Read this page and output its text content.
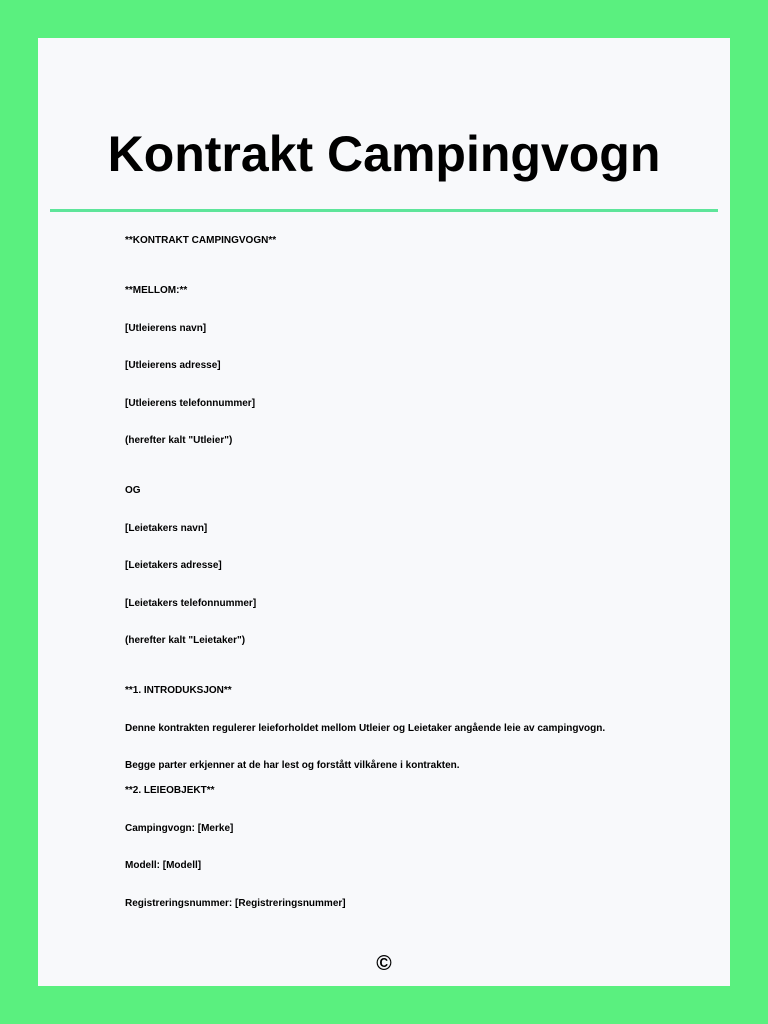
Kontrakt Campingvogn
**KONTRAKT CAMPINGVOGN**
**MELLOM:**
[Utleierens navn]
[Utleierens adresse]
[Utleierens telefonnummer]
(herefter kalt "Utleier")
OG
[Leietakers navn]
[Leietakers adresse]
[Leietakers telefonnummer]
(herefter kalt "Leietaker")
**1. INTRODUKSJON**
Denne kontrakten regulerer leieforholdet mellom Utleier og Leietaker angående leie av campingvogn.
Begge parter erkjenner at de har lest og forstått vilkårene i kontrakten.
**2. LEIEOBJEKT**
Campingvogn: [Merke]
Modell: [Modell]
Registreringsnummer: [Registreringsnummer]
©
